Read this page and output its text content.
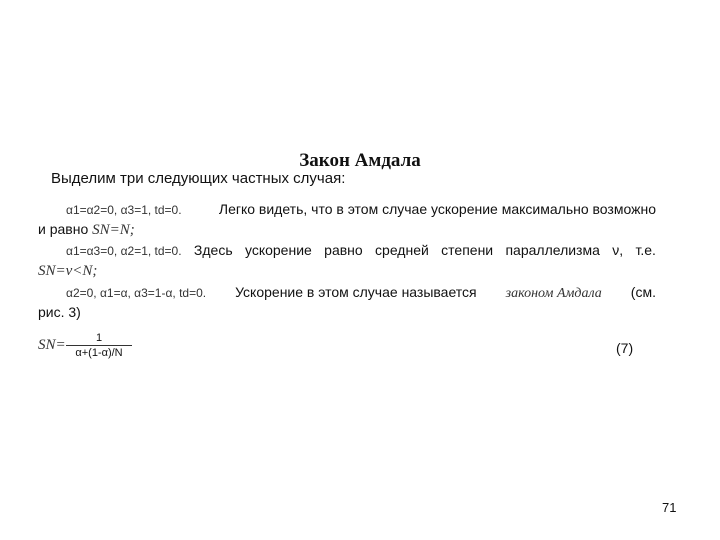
Закон Амдала
Выделим три следующих частных случая:
α1=α2=0, α3=1, td=0.	Легко видеть, что в этом случае ускорение максимально возможно
и равно SN=N;
α1=α3=0, α2=1, td=0. Здесь ускорение равно средней степени параллелизма ν, т.е.
SN=ν<N;
α2=0, α1=α, α3=1-α, td=0. Ускорение в этом случае называется законом Амдала (см.
рис. 3)
$SN= \frac{1}{\alpha+(1-\alpha)/N}$	(7)
71
